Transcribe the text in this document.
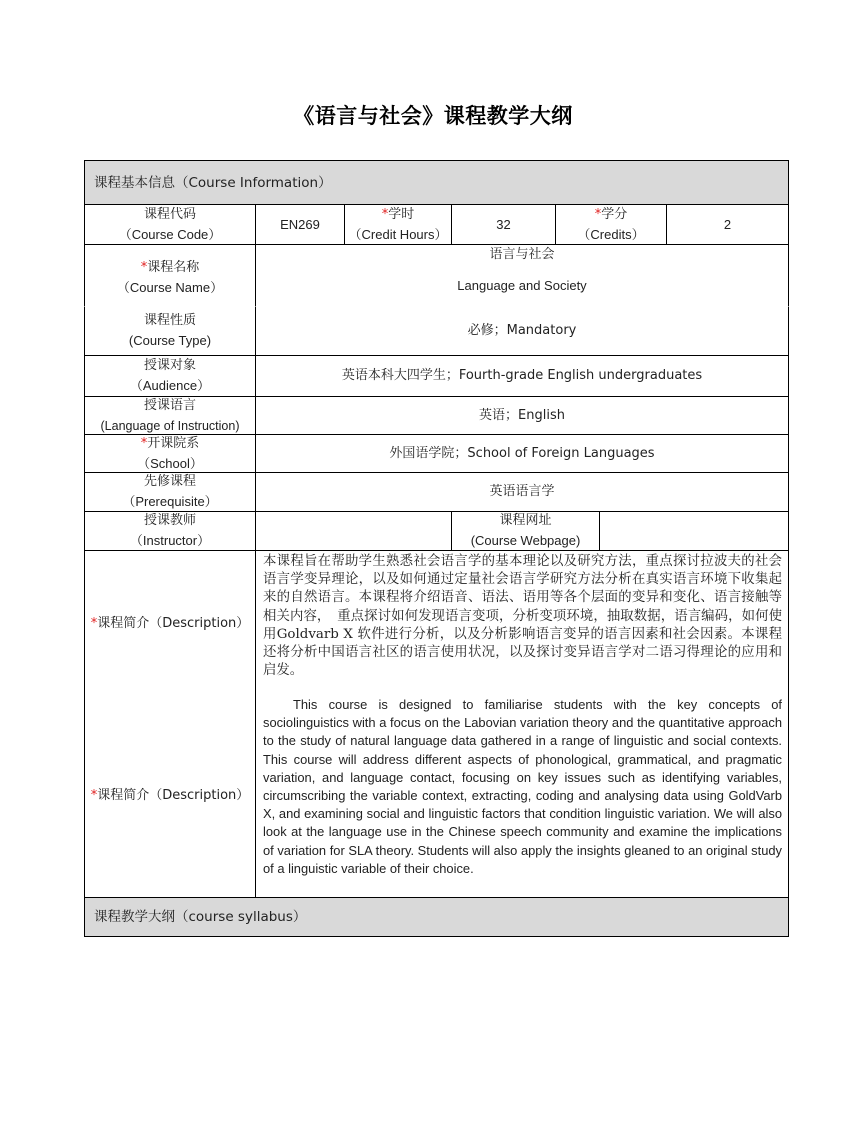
《语言与社会》课程教学大纲
课程基本信息（Course Information）
课程代码
（Course Code）
EN269
*学时
（Credit Hours）
32
*学分
（Credits）
2
*课程名称
（Course Name）
语言与社会
Language and Society
课程性质
(Course Type)
必修；Mandatory
授课对象
（Audience）
英语本科大四学生；Fourth-grade English undergraduates
授课语言
(Language of Instruction)
英语；English
*开课院系
（School）
外国语学院；School of Foreign Languages
先修课程
（Prerequisite）
英语语言学
授课教师
（Instructor）
课程网址
(Course Webpage)
* 课程简介（Description）
本课程旨在帮助学生熟悉社会语言学的基本理论以及研究方法，重点探讨拉波夫的社会语言学变异理论，以及如何通过定量社会语言学研究方法分析在真实语言环境下收集起来的自然语言。本课程将介绍语音、语法、语用等各个层面的变异和变化、语言接触等相关内容，　重点探讨如何发现语言变项，分析变项环境，抽取数据，语言编码，如何使用Goldvarb X 软件进行分析，以及分析影响语言变异的语言因素和社会因素。本课程还将分析中国语言社区的语言使用状况，以及探讨变异语言学对二语习得理论的应用和启发。
* 课程简介（Description）

This course is designed to familiarise students with the key concepts of sociolinguistics with a focus on the Labovian variation theory and the quantitative approach to the study of natural language data gathered in a range of linguistic and social contexts. This course will address different aspects of phonological, grammatical, and pragmatic variation, and language contact, focusing on key issues such as identifying variables, circumscribing the variable context, extracting, coding and analysing data using GoldVarb X, and examining social and linguistic factors that condition linguistic variation. We will also look at the language use in the Chinese speech community and examine the implications of variation for SLA theory. Students will also apply the insights gleaned to an original study of a linguistic variable of their choice.

课程教学大纲（course syllabus）
